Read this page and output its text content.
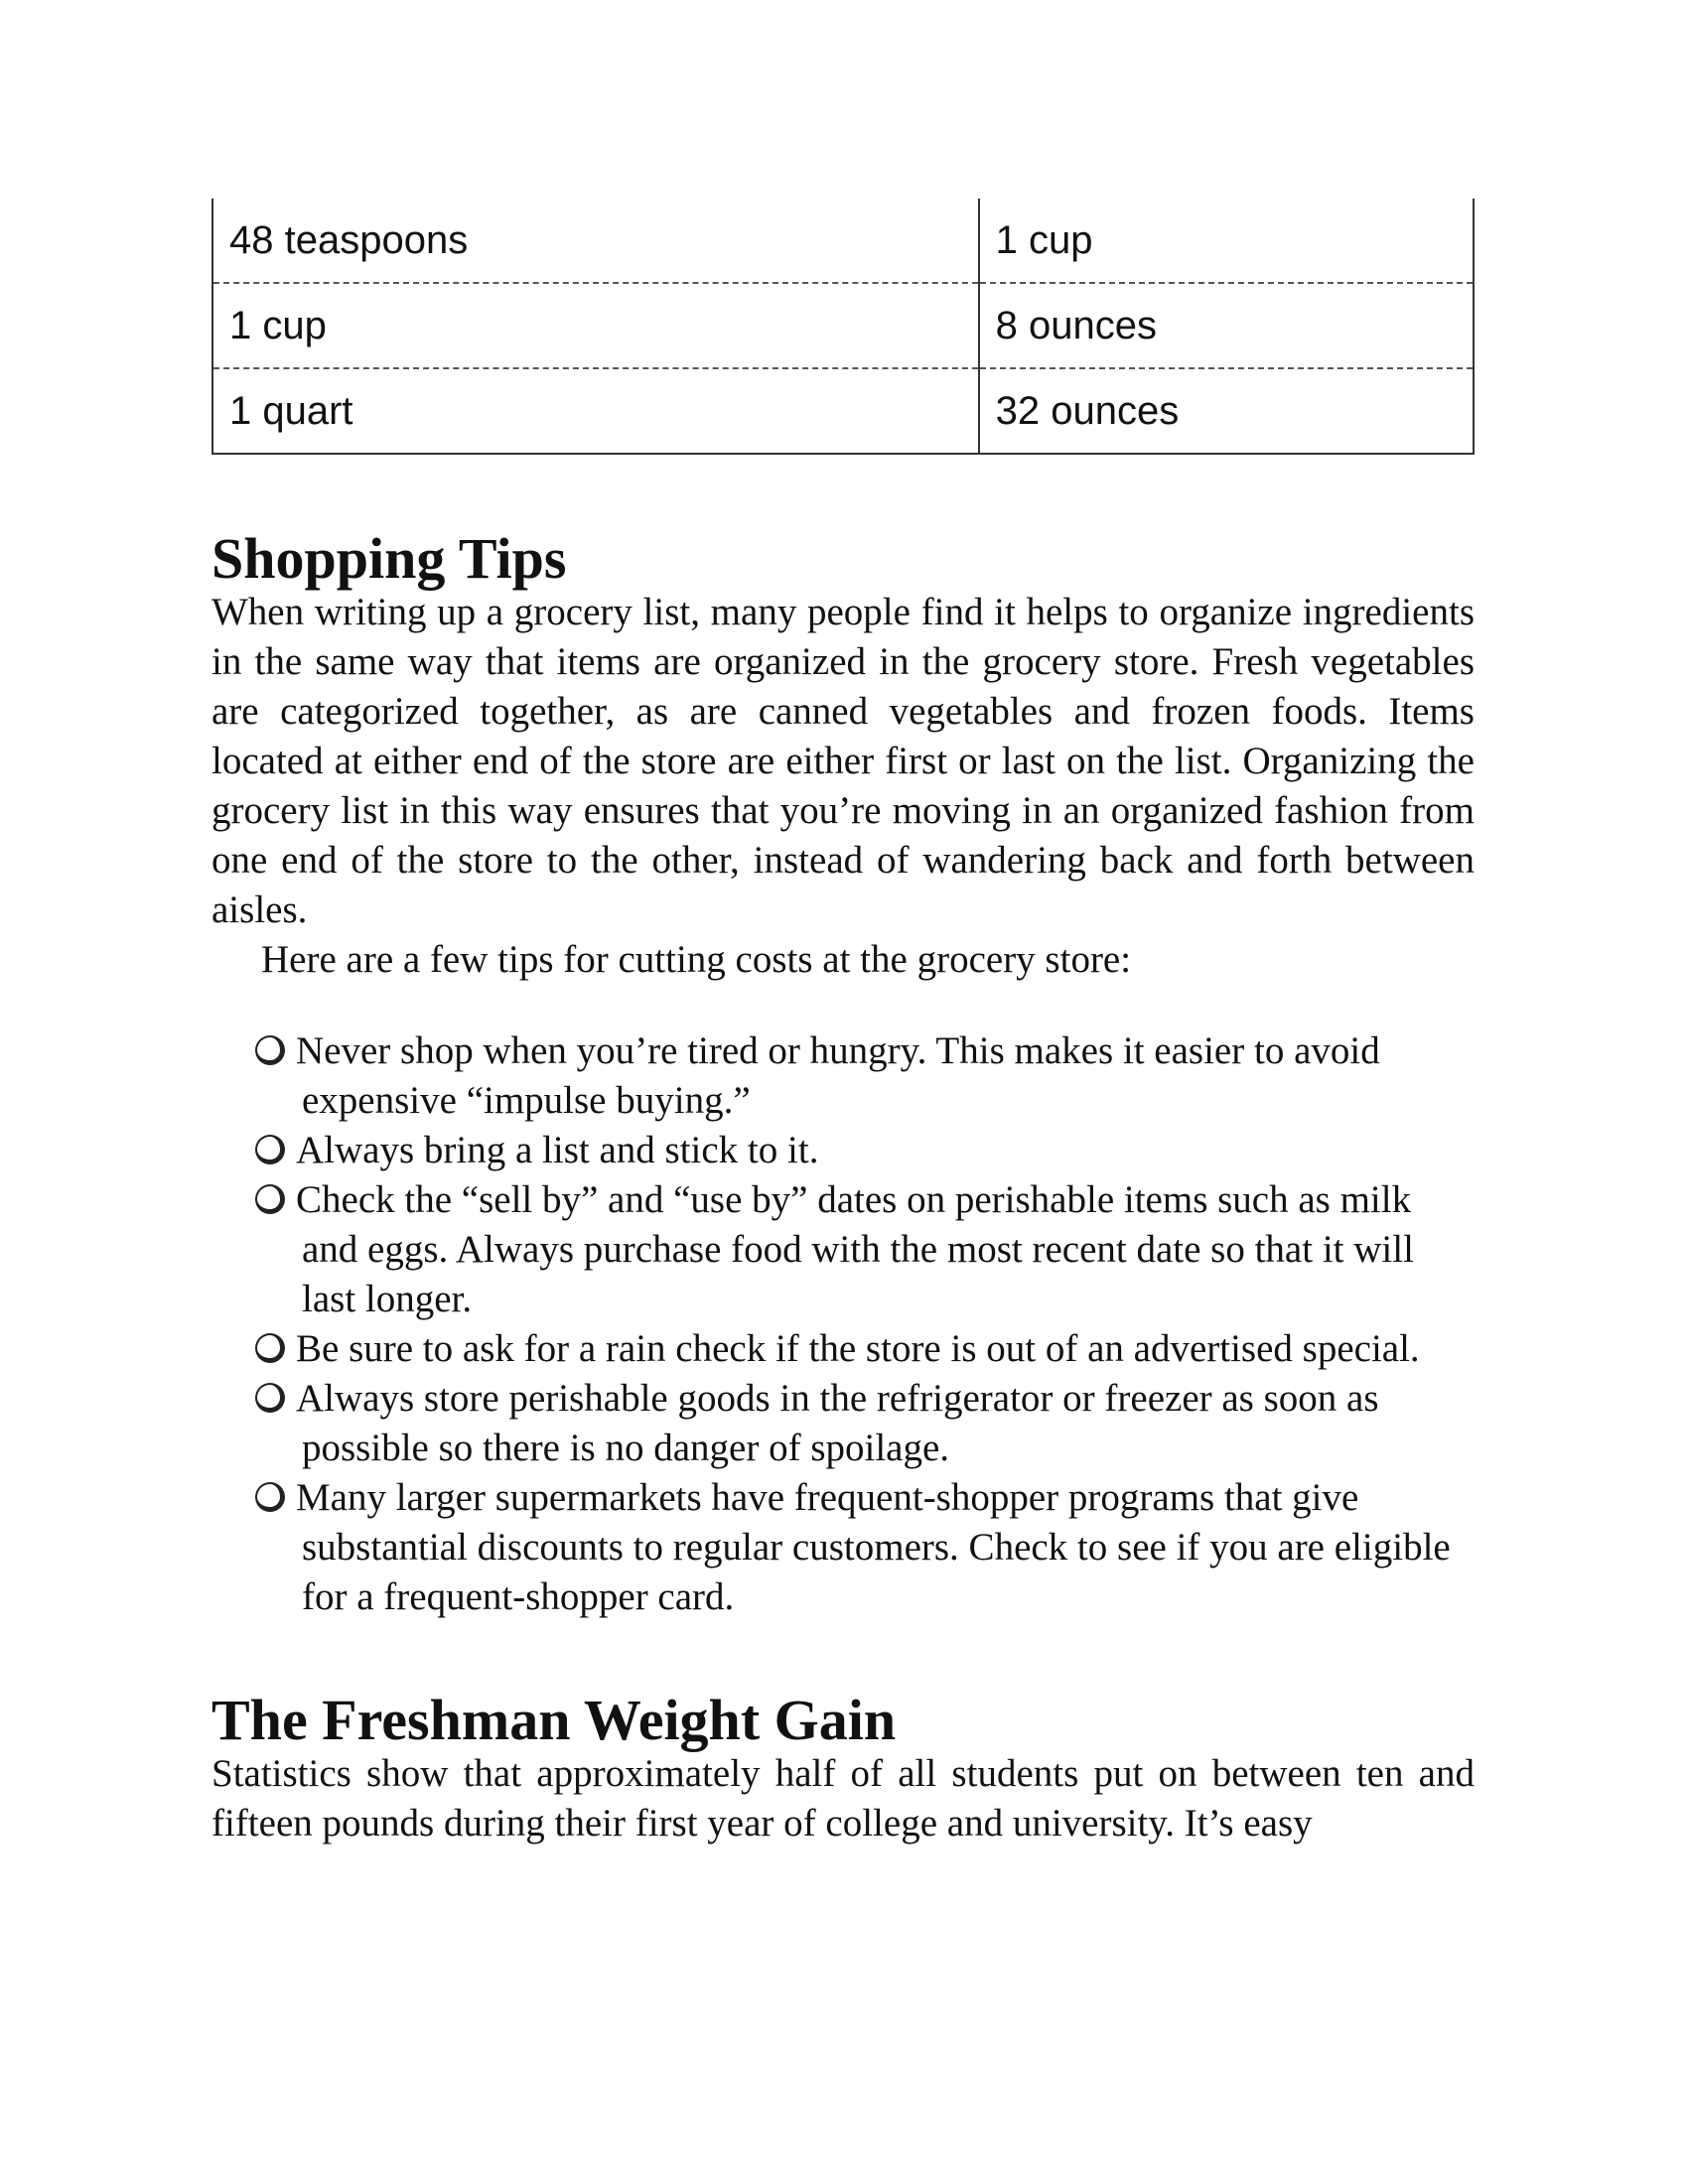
48 teaspoons	1 cup
1 cup	8 ounces
1 quart	32 ounces
Shopping Tips

When writing up a grocery list, many people find it helps to organize ingredients in the same way that items are organized in the grocery store. Fresh vegetables are categorized together, as are canned vegetables and frozen foods. Items located at either end of the store are either first or last on the list. Organizing the grocery list in this way ensures that you’re moving in an organized fashion from one end of the store to the other, instead of wandering back and forth between aisles.

Here are a few tips for cutting costs at the grocery store:

Never shop when you’re tired or hungry. This makes it easier to avoid expensive “impulse buying.”
Always bring a list and stick to it.
Check the “sell by” and “use by” dates on perishable items such as milk and eggs. Always purchase food with the most recent date so that it will last longer.
Be sure to ask for a rain check if the store is out of an advertised special.
Always store perishable goods in the refrigerator or freezer as soon as possible so there is no danger of spoilage.
Many larger supermarkets have frequent-shopper programs that give substantial discounts to regular customers. Check to see if you are eligible for a frequent-shopper card.
The Freshman Weight Gain

Statistics show that approximately half of all students put on between ten and fifteen pounds during their first year of college and university. It’s easy
